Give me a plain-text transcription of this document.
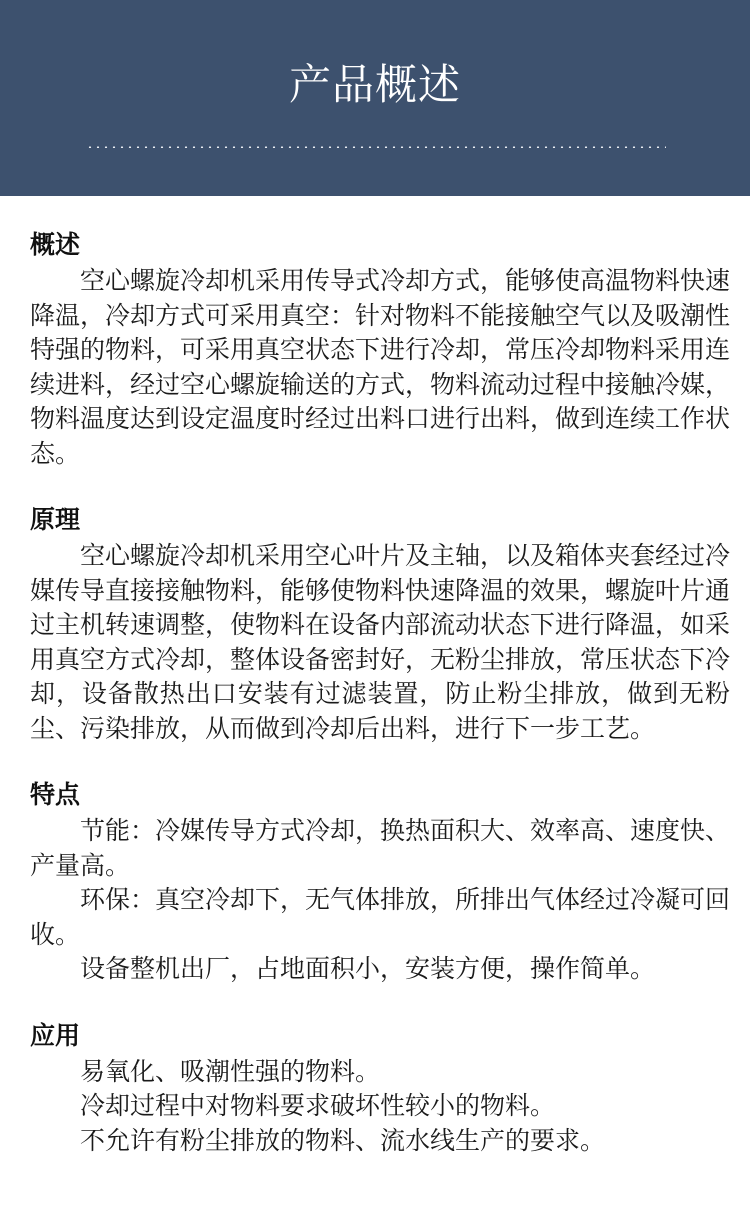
产品概述
概述

空心螺旋冷却机采用传导式冷却方式，能够使高温物料快速降温，冷却方式可采用真空：针对物料不能接触空气以及吸潮性特强的物料，可采用真空状态下进行冷却，常压冷却物料采用连续进料，经过空心螺旋输送的方式，物料流动过程中接触冷媒，物料温度达到设定温度时经过出料口进行出料，做到连续工作状态。

原理

空心螺旋冷却机采用空心叶片及主轴，以及箱体夹套经过冷媒传导直接接触物料，能够使物料快速降温的效果，螺旋叶片通过主机转速调整，使物料在设备内部流动状态下进行降温，如采用真空方式冷却，整体设备密封好，无粉尘排放，常压状态下冷却，设备散热出口安装有过滤装置，防止粉尘排放，做到无粉尘、污染排放，从而做到冷却后出料，进行下一步工艺。

特点

节能：冷媒传导方式冷却，换热面积大、效率高、速度快、产量高。

环保：真空冷却下，无气体排放，所排出气体经过冷凝可回收。

设备整机出厂，占地面积小，安装方便，操作简单。

应用

易氧化、吸潮性强的物料。

冷却过程中对物料要求破坏性较小的物料。

不允许有粉尘排放的物料、流水线生产的要求。
